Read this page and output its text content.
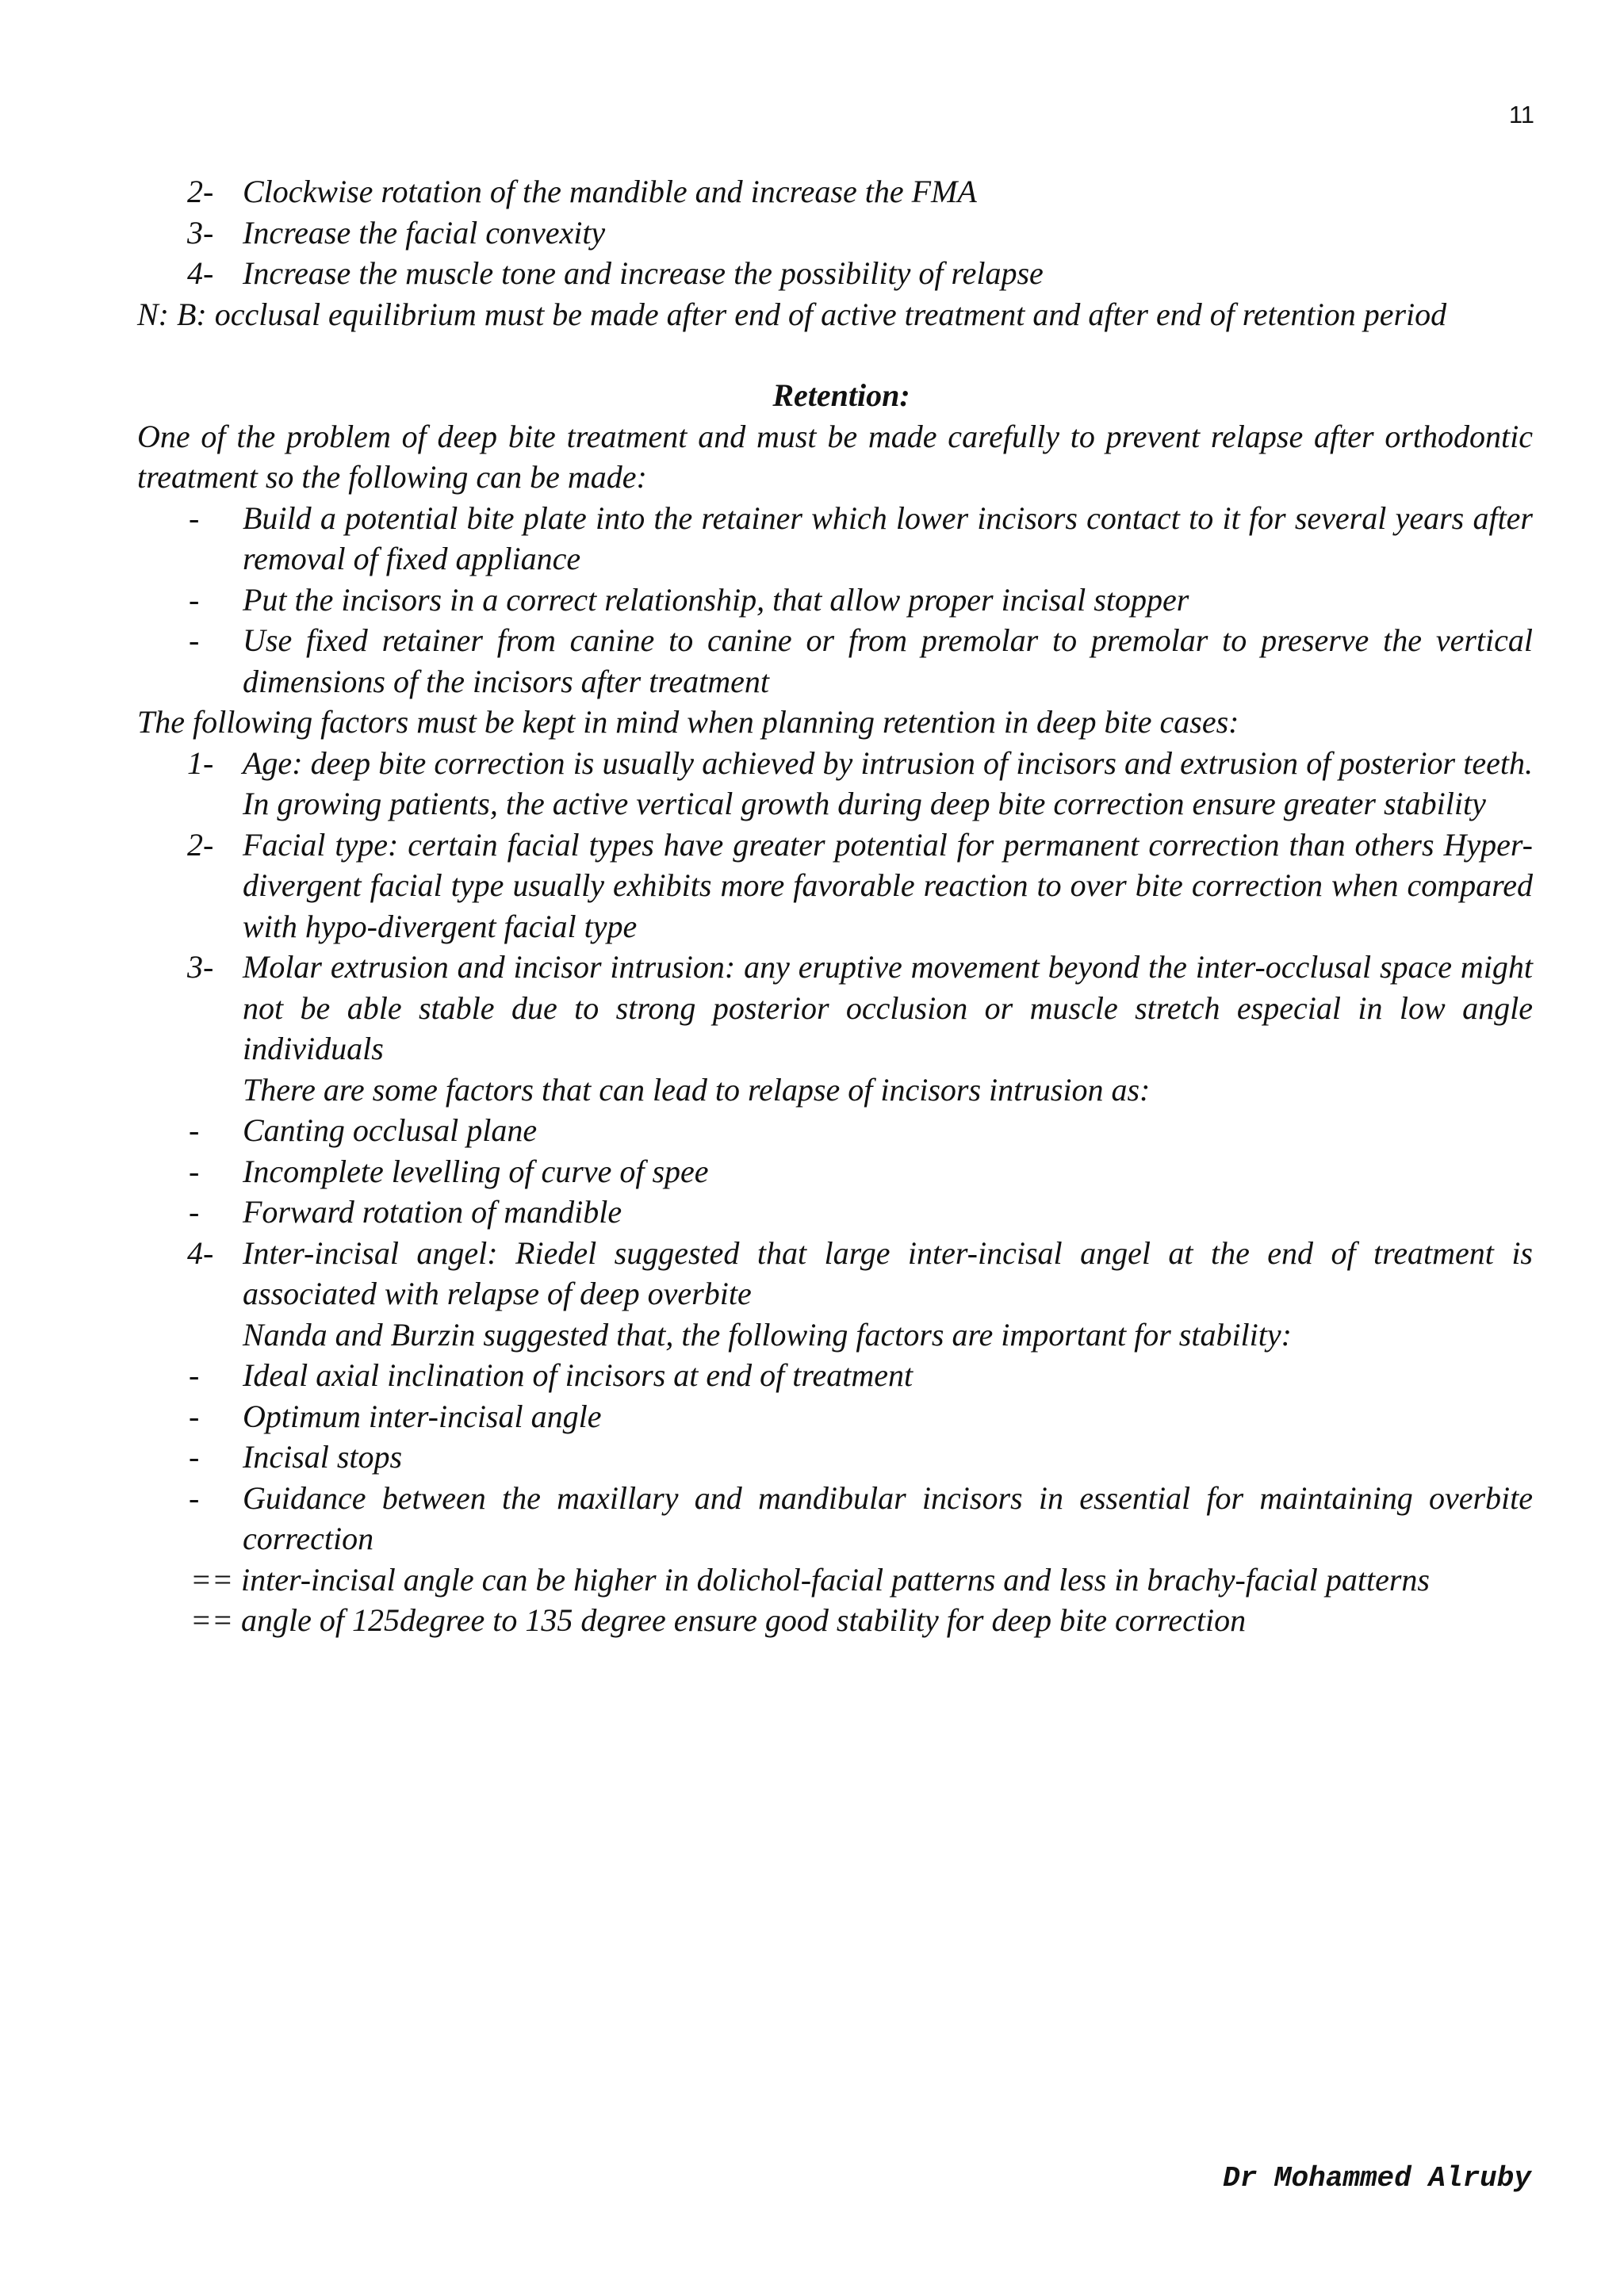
11
2- Clockwise rotation of the mandible and increase the FMA
3- Increase the facial convexity
4- Increase the muscle tone and increase the possibility of relapse
N: B: occlusal equilibrium must be made after end of active treatment and after end of retention period
Retention:
One of the problem of deep bite treatment and must be made carefully to prevent relapse after orthodontic treatment so the following can be made:
-	Build a potential bite plate into the retainer which lower incisors contact to it for several years after removal of fixed appliance
-	Put the incisors in a correct relationship, that allow proper incisal stopper
-	Use fixed retainer from canine to canine or from premolar to premolar to preserve the vertical dimensions of the incisors after treatment
The following factors must be kept in mind when planning retention in deep bite cases:
1- Age: deep bite correction is usually achieved by intrusion of incisors and extrusion of posterior teeth. In growing patients, the active vertical growth during deep bite correction ensure greater stability
2- Facial type: certain facial types have greater potential for permanent correction than others Hyper-divergent facial type usually exhibits more favorable reaction to over bite correction when compared with hypo-divergent facial type
3- Molar extrusion and incisor intrusion: any eruptive movement beyond the inter-occlusal space might not be able stable due to strong posterior occlusion or muscle stretch especial in low angle individuals
There are some factors that can lead to relapse of incisors intrusion as:
-	Canting occlusal plane
-	Incomplete levelling of curve of spee
-	Forward rotation of mandible
4- Inter-incisal angel: Riedel suggested that large inter-incisal angel at the end of treatment is associated with relapse of deep overbite
Nanda and Burzin suggested that, the following factors are important for stability:
-	Ideal axial inclination of incisors at end of treatment
-	Optimum inter-incisal angle
-	Incisal stops
-	Guidance between the maxillary and mandibular incisors in essential for maintaining overbite correction
== inter-incisal angle can be higher in dolichol-facial patterns and less in brachy-facial patterns
== angle of 125degree to 135 degree ensure good stability for deep bite correction
Dr Mohammed Alruby
